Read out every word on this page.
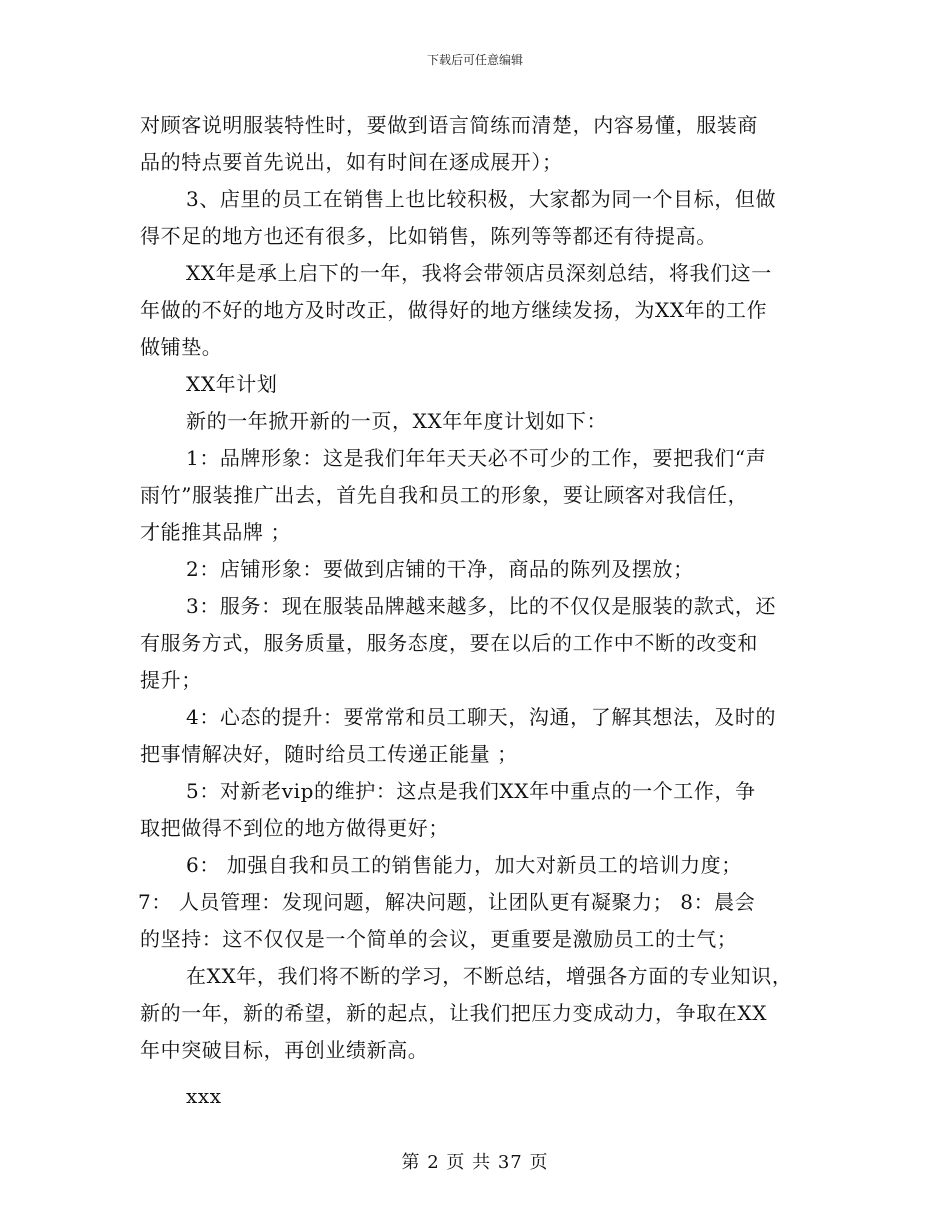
下载后可任意编辑
对顾客说明服装特性时，要做到语言简练而清楚，内容易懂，服装商
品的特点要首先说出，如有时间在逐成展开）；
3、店里的员工在销售上也比较积极，大家都为同一个目标，但做
得不足的地方也还有很多，比如销售，陈列等等都还有待提高。
XX年是承上启下的一年，我将会带领店员深刻总结，将我们这一
年做的不好的地方及时改正，做得好的地方继续发扬，为XX年的工作
做铺垫。
XX年计划
新的一年掀开新的一页，XX年年度计划如下：
1：品牌形象：这是我们年年天天必不可少的工作，要把我们“声
雨竹”服装推广出去，首先自我和员工的形象，要让顾客对我信任，
才能推其品牌 ；
2：店铺形象：要做到店铺的干净，商品的陈列及摆放；
3：服务：现在服装品牌越来越多，比的不仅仅是服装的款式，还
有服务方式，服务质量，服务态度，要在以后的工作中不断的改变和
提升；
4：心态的提升：要常常和员工聊天，沟通，了解其想法，及时的
把事情解决好，随时给员工传递正能量 ；
5：对新老vip的维护：这点是我们XX年中重点的一个工作，争
取把做得不到位的地方做得更好；
6： 加强自我和员工的销售能力，加大对新员工的培训力度；
7： 人员管理：发现问题，解决问题，让团队更有凝聚力； 8：晨会
的坚持：这不仅仅是一个简单的会议，更重要是激励员工的士气；
在XX年，我们将不断的学习，不断总结，增强各方面的专业知识，
新的一年，新的希望，新的起点，让我们把压力变成动力，争取在XX
年中突破目标，再创业绩新高。
xxx
第 2 页 共 37 页
